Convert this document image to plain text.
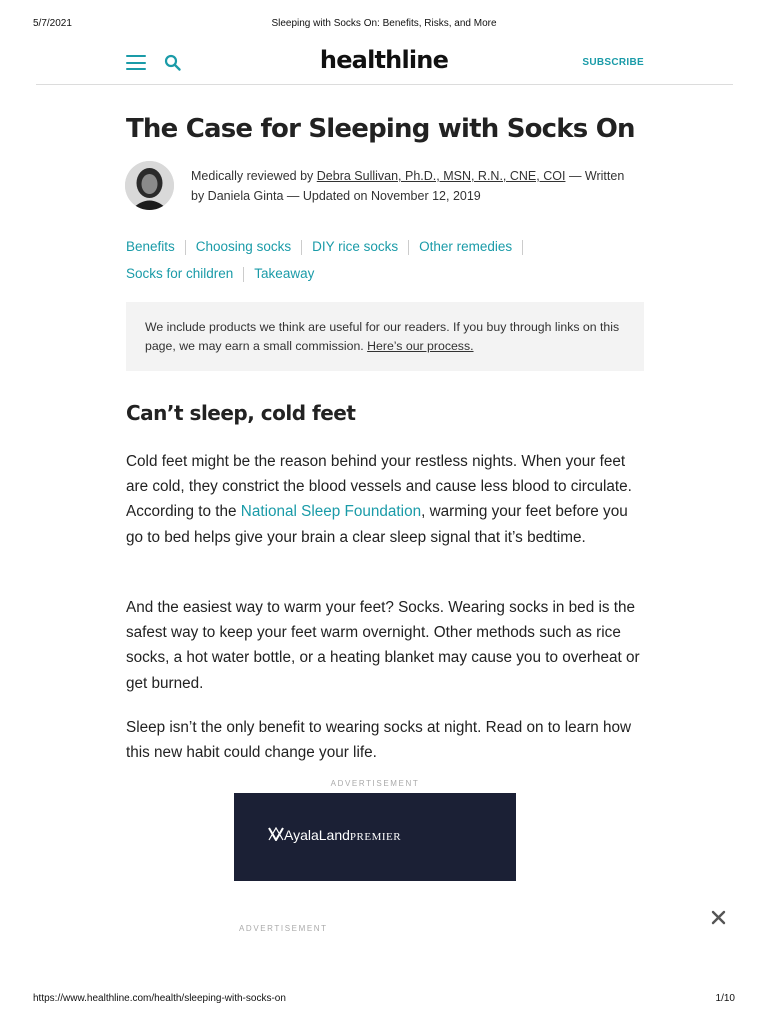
5/7/2021	Sleeping with Socks On: Benefits, Risks, and More
https://www.healthline.com/health/sleeping-with-socks-on	1/10
healthline	SUBSCRIBE
The Case for Sleeping with Socks On
Medically reviewed by Debra Sullivan, Ph.D., MSN, R.N., CNE, COI — Written
by Daniela Ginta — Updated on November 12, 2019
Benefits Choosing socks DIY rice socks Other remedies
Socks for children Takeaway

We include products we think are useful for our readers. If you buy through links on this page, we may earn a small commission. Here’s our process.

Can’t sleep, cold feet

Cold feet might be the reason behind your restless nights. When your feet are cold, they constrict the blood vessels and cause less blood to circulate. According to the National Sleep Foundation, warming your feet before you go to bed helps give your brain a clear sleep signal that it’s bedtime.

And the easiest way to warm your feet? Socks. Wearing socks in bed is the safest way to keep your feet warm overnight. Other methods such as rice socks, a hot water bottle, or a heating blanket may cause you to overheat or get burned.

Sleep isn’t the only benefit to wearing socks at night. Read on to learn how this new habit could change your life.

ADVERTISEMENT
AyalaLandPREMIER
ADVERTISEMENT
